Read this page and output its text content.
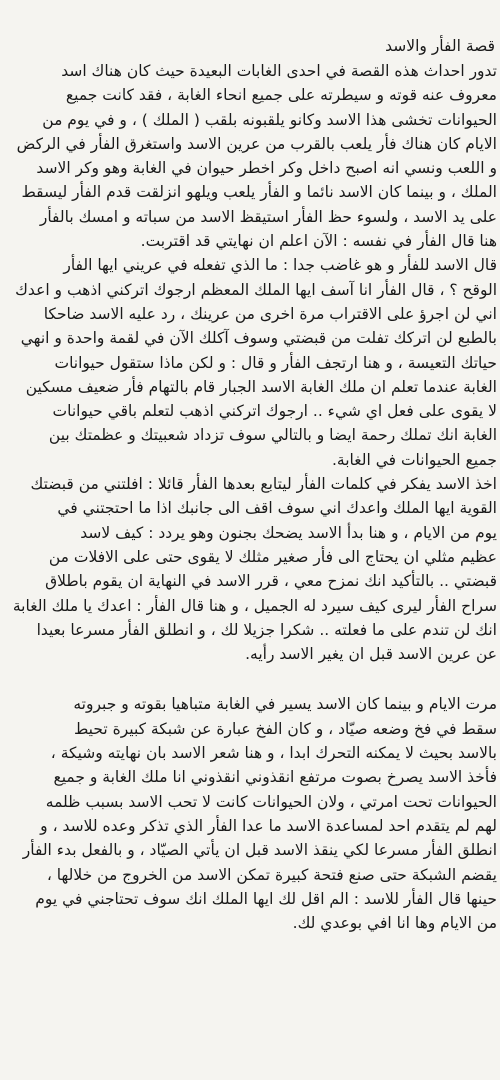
قصة الفأر والاسد
تدور احداث هذه القصة في احدى الغابات البعيدة حيث كان هناك اسد
معروف عنه قوته و سيطرته على جميع انحاء الغابة ، فقد كانت جميع
الحيوانات تخشى هذا الاسد وكانو يلقبونه بلقب ( الملك ) ، و في يوم من
الايام كان هناك فأر يلعب بالقرب من عرين الاسد واستغرق الفأر في الركض
و اللعب ونسي انه اصبح داخل وكر اخطر حيوان في الغابة وهو وكر الاسد
الملك ، و بينما كان الاسد نائما و الفأر يلعب ويلهو انزلقت قدم الفأر ليسقط
على يد الاسد ، ولسوء حظ الفأر استيقظ الاسد من سباته و امسك بالفأر
هنا قال الفأر في نفسه : الآن اعلم ان نهايتي قد اقتربت.
قال الاسد للفأر و هو غاضب جدا : ما الذي تفعله في عريني ايها الفأر
الوقح ؟ ، قال الفأر انا آسف ايها الملك المعظم ارجوك اتركني اذهب و اعدك
اني لن اجرؤ على الاقتراب مرة اخرى من عرينك ، رد عليه الاسد ضاحكا
بالطبع لن اتركك تفلت من قبضتي وسوف آكلك الآن في لقمة واحدة و انهي
حياتك التعيسة ، و هنا ارتجف الفأر و قال : و لكن ماذا ستقول حيوانات
الغابة عندما تعلم ان ملك الغابة الاسد الجبار قام بالتهام فأر ضعيف مسكين
لا يقوى على فعل اي شيء .. ارجوك اتركني اذهب لتعلم باقي حيوانات
الغابة انك تملك رحمة ايضا و بالتالي سوف تزداد شعبيتك و عظمتك بين
جميع الحيوانات في الغابة.
اخذ الاسد يفكر في كلمات الفأر ليتابع بعدها الفأر قائلا : افلتني من قبضتك
القوية ايها الملك واعدك اني سوف اقف الى جانبك اذا ما احتجتني في
يوم من الايام ، و هنا بدأ الاسد يضحك بجنون وهو يردد : كيف لاسد
عظيم مثلي ان يحتاج الى فأر صغير مثلك لا يقوى حتى على الافلات من
قبضتي .. بالتأكيد انك نمزح معي ، قرر الاسد في النهاية ان يقوم باطلاق
سراح الفأر ليرى كيف سيرد له الجميل ، و هنا قال الفأر : اعدك يا ملك الغابة
انك لن تندم على ما فعلته .. شكرا جزيلا لك ، و انطلق الفأر مسرعا بعيدا
عن عرين الاسد قبل ان يغير الاسد رأيه.
مرت الايام و بينما كان الاسد يسير في الغابة متباهيا بقوته و جبروته
سقط في فخ وضعه صيّاد ، و كان الفخ عبارة عن شبكة كبيرة تحيط
بالاسد بحيث لا يمكنه التحرك ابدا ، و هنا شعر الاسد بان نهايته وشيكة ،
فأخذ الاسد يصرخ بصوت مرتفع انقذوني انقذوني انا ملك الغابة و جميع
الحيوانات تحت امرتي ، ولان الحيوانات كانت لا تحب الاسد بسبب ظلمه
لهم لم يتقدم احد لمساعدة الاسد ما عدا الفأر الذي تذكر وعده للاسد ، و
انطلق الفأر مسرعا لكي ينقذ الاسد قبل ان يأتي الصيّاد ، و بالفعل بدء الفأر
يقضم الشبكة حتى صنع فتحة كبيرة تمكن الاسد من الخروج من خلالها ،
حينها قال الفأر للاسد : الم اقل لك ايها الملك انك سوف تحتاجني في يوم
من الايام وها انا افي بوعدي لك.
